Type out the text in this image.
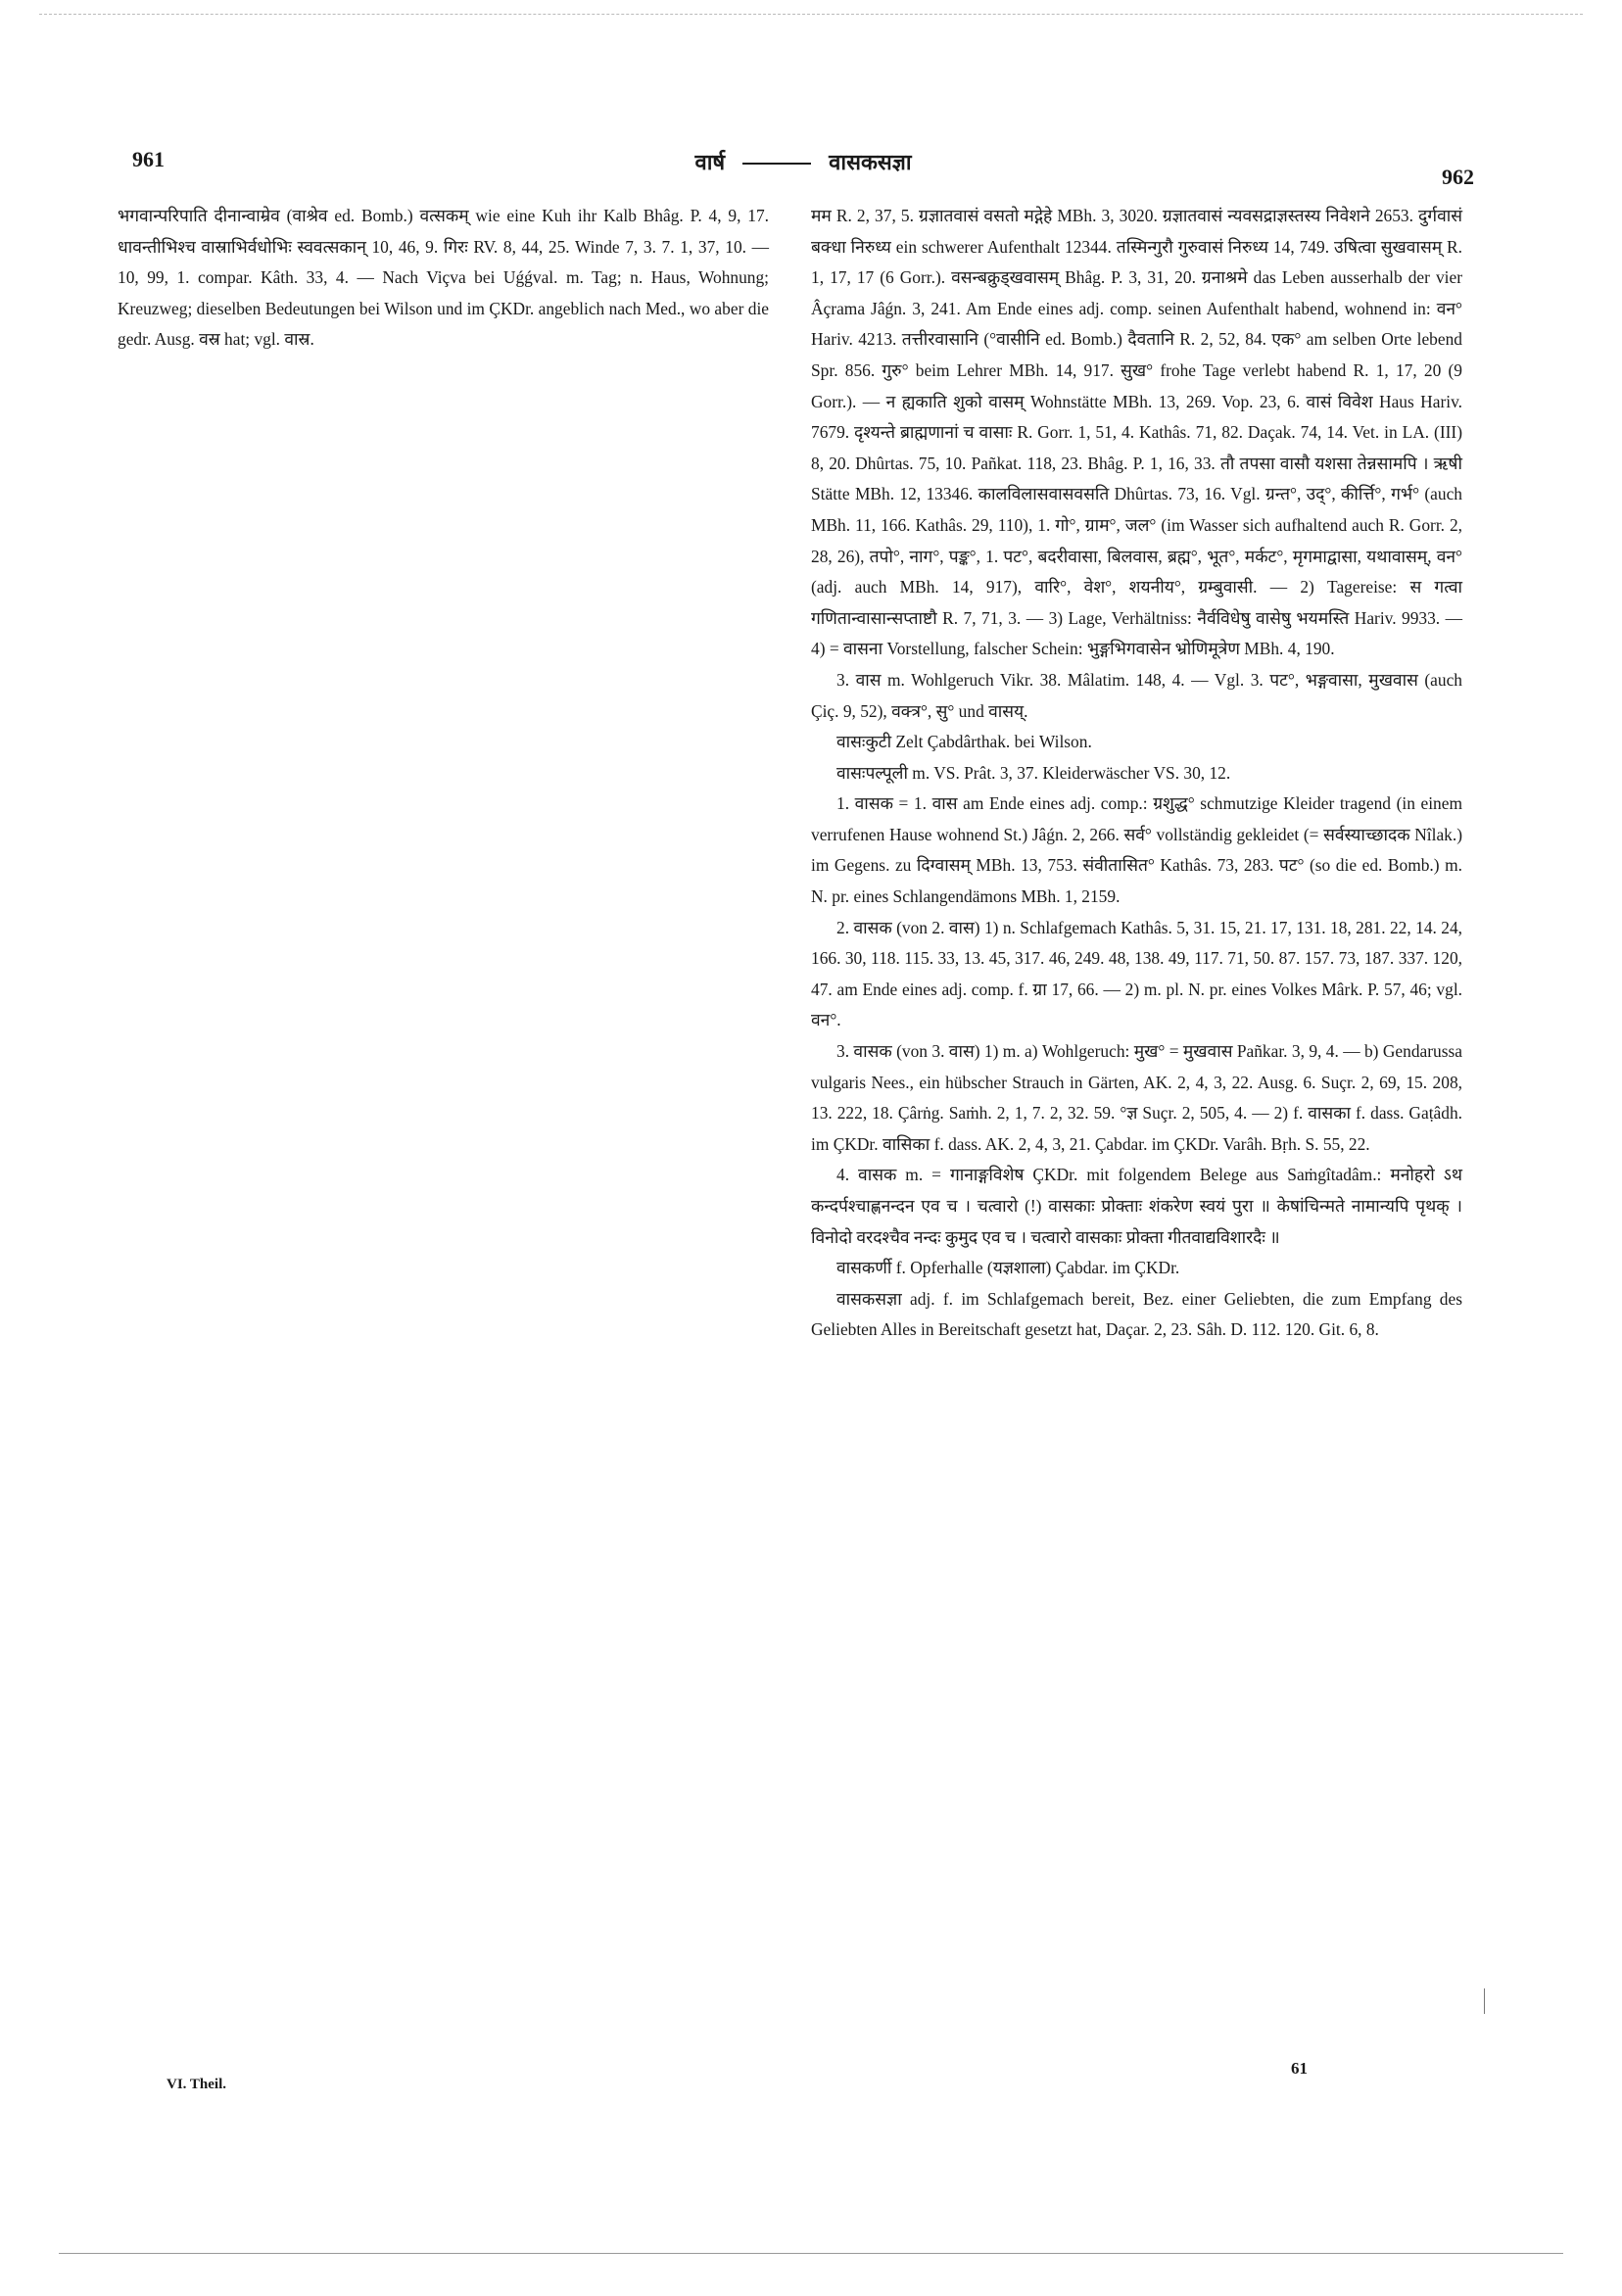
961	वार्ष	वासकसज्ञा
962

भगवान्परिपाति दीनान्वाम्रेव (वाश्रेव ed. Bomb.) वत्सकम् wie eine Kuh ihr Kalb Bhâg. P. 4, 9, 17. धावन्तीभिश्च वास्राभिर्वधोभिः स्ववत्सकान् 10, 46, 9. गिरः RV. 8, 44, 25. Winde 7, 3. 7. 1, 37, 10. — 10, 99, 1. compar. Kâth. 33, 4. — Nach Viçva bei Uǵǵval. m. Tag; n. Haus, Wohnung; Kreuzweg; dieselben Bedeutungen bei Wilson und im ÇKDr. angeblich nach Med., wo aber die gedr. Ausg. वस्र hat; vgl. वास्र.

मम R. 2, 37, 5. ग्रज्ञातवासं वसतो मद्गेहे MBh. 3, 3020. ग्रज्ञातवासं न्यवसद्राज्ञस्तस्य निवेशने 2653. दुर्गवासं बक्धा निरुध्य ein schwerer Aufenthalt 12344. तस्मिन्गुरौ गुरुवासं निरुध्य 14, 749. उषित्वा सुखवासम् R. 1, 17, 17 (6 Gorr.). वसन्बक्रुड्खवासम् Bhâg. P. 3, 31, 20. ग्रनाश्रमे das Leben ausserhalb der vier Âçrama Jâǵn. 3, 241. Am Ende eines adj. comp. seinen Aufenthalt habend, wohnend in: वन° Hariv. 4213. तत्तीरवासानि (°वासीनि ed. Bomb.) दैवतानि R. 2, 52, 84. एक° am selben Orte lebend Spr. 856. गुरु° beim Lehrer MBh. 14, 917. सुख° frohe Tage verlebt habend R. 1, 17, 20 (9 Gorr.). — न ह्यकाति शुको वासम् Wohnstätte MBh. 13, 269. Vop. 23, 6. वासं विवेश Haus Hariv. 7679. दृश्यन्ते ब्राह्मणानां च वासाः R. Gorr. 1, 51, 4. Kathâs. 71, 82. Daçak. 74, 14. Vet. in LA. (III) 8, 20. Dhûrtas. 75, 10. Pañkat. 118, 23. Bhâg. P. 1, 16, 33. तौ तपसा वासौ यशसा तेन्नसामपि । ऋषी Stätte MBh. 12, 13346. कालविलासवासवसति Dhûrtas. 73, 16. Vgl. ग्रन्त°, उद्°, कीर्त्ति°, गर्भ° (auch MBh. 11, 166. Kathâs. 29, 110), 1. गो°, ग्राम°, जल° (im Wasser sich aufhaltend auch R. Gorr. 2, 28, 26), तपो°, नाग°, पङ्क°, 1. पट°, बदरीवासा, बिलवास, ब्रह्म°, भूत°, मर्कट°, मृगमाद्वासा, यथावासम्, वन° (adj. auch MBh. 14, 917), वारि°, वेश°, शयनीय°, ग्रम्बुवासी. — 2) Tagereise: स गत्वा गणितान्वासान्सप्ताष्टौ R. 7, 71, 3. — 3) Lage, Verhältniss: नैर्वविधेषु वासेषु भयमस्ति Hariv. 9933. — 4) = वासना Vorstellung, falscher Schein: भुङ्गभिगवासेन भ्रोणिमूत्रेण MBh. 4, 190.

3. वास m. Wohlgeruch Vikr. 38. Mâlatim. 148, 4. — Vgl. 3. पट°, भङ्गवासा, मुखवास (auch Çiç. 9, 52), वक्त्र°, सु° und वासय्.

वासःकुटी Zelt Çabdârthak. bei Wilson.

वासःपल्पूली m. VS. Prât. 3, 37. Kleiderwäscher VS. 30, 12.

1. वासक = 1. वास am Ende eines adj. comp.: ग्रशुद्ध° schmutzige Kleider tragend (in einem verrufenen Hause wohnend St.) Jâǵn. 2, 266. सर्व° vollständig gekleidet (= सर्वस्याच्छादक Nîlak.) im Gegens. zu दिग्वासम् MBh. 13, 753. संवीतासित° Kathâs. 73, 283. पट° (so die ed. Bomb.) m. N. pr. eines Schlangendämons MBh. 1, 2159.

2. वासक (von 2. वास) 1) n. Schlafgemach Kathâs. 5, 31. 15, 21. 17, 131. 18, 281. 22, 14. 24, 166. 30, 118. 115. 33, 13. 45, 317. 46, 249. 48, 138. 49, 117. 71, 50. 87. 157. 73, 187. 337. 120, 47. am Ende eines adj. comp. f. ग्रा 17, 66. — 2) m. pl. N. pr. eines Volkes Mârk. P. 57, 46; vgl. वन°.

3. वासक (von 3. वास) 1) m. a) Wohlgeruch: मुख° = मुखवास Pañkar. 3, 9, 4. — b) Gendarussa vulgaris Nees., ein hübscher Strauch in Gärten, AK. 2, 4, 3, 22. Ausg. 6. Suçr. 2, 69, 15. 208, 13. 222, 18. Çârṅg. Saṁh. 2, 1, 7. 2, 32. 59. °ज्ञ Suçr. 2, 505, 4. — 2) f. वासका f. dass. Gaṭâdh. im ÇKDr. वासिका f. dass. AK. 2, 4, 3, 21. Çabdar. im ÇKDr. Varâh. Bṛh. S. 55, 22.

4. वासक m. = गानाङ्गविशेष ÇKDr. mit folgendem Belege aus Saṁgîtadâm.: मनोहरो ऽथ कन्दर्पश्चाह्णनन्दन एव च । चत्वारो (!) वासकाः प्रोक्ताः शंकरेण स्वयं पुरा ॥ केषांचिन्मते नामान्यपि पृथक् । विनोदो वरदश्चैव नन्दः कुमुद एव च । चत्वारो वासकाः प्रोक्ता गीतवाद्यविशारदैः ॥

वासकर्णी f. Opferhalle (यज्ञशाला) Çabdar. im ÇKDr.

वासकसज्ञा adj. f. im Schlafgemach bereit, Bez. einer Geliebten, die zum Empfang des Geliebten Alles in Bereitschaft gesetzt hat, Daçar. 2, 23. Sâh. D. 112. 120. Git. 6, 8.

VI. Theil.
61
